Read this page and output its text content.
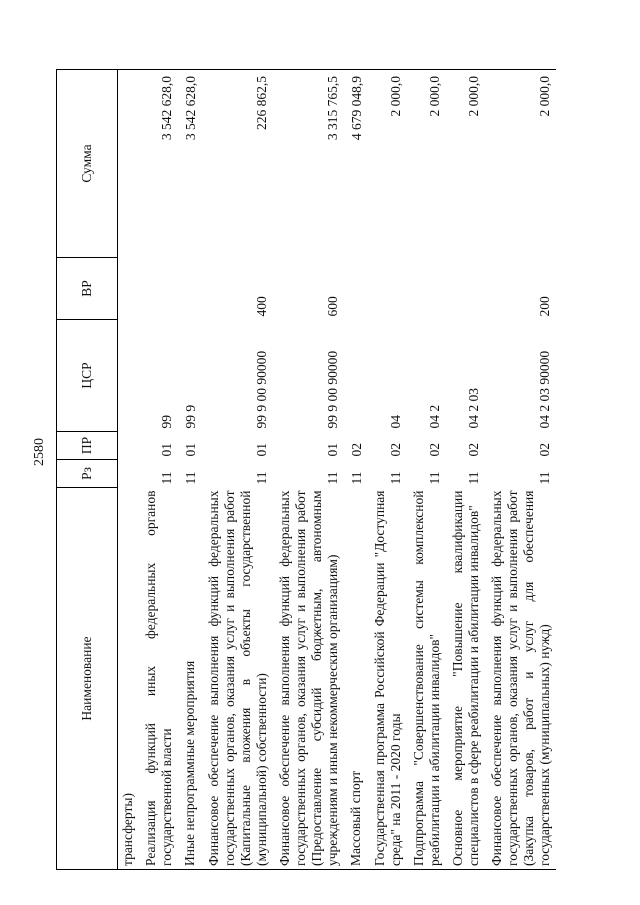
2580
Наименование	Рз	ПР	ЦСР	ВР	Сумма
трансферты)					
Реализация функций иных федеральных органов государственной власти	11	01	99		3 542 628,0
Иные непрограммные мероприятия	11	01	99 9		3 542 628,0
Финансовое обеспечение выполнения функций федеральных государственных органов, оказания услуг и выполнения работ (Капитальные вложения в объекты государственной (муниципальной) собственности)	11	01	99 9 00 90000	400	226 862,5
Финансовое обеспечение выполнения функций федеральных государственных органов, оказания услуг и выполнения работ (Предоставление субсидий бюджетным, автономным учреждениям и иным некоммерческим организациям)	11	01	99 9 00 90000	600	3 315 765,5
Массовый спорт	11	02			4 679 048,9
Государственная программа Российской Федерации "Доступная среда" на 2011 - 2020 годы	11	02	04		2 000,0
Подпрограмма "Совершенствование системы комплексной реабилитации и абилитации инвалидов"	11	02	04 2		2 000,0
Основное мероприятие "Повышение квалификации специалистов в сфере реабилитации и абилитации инвалидов"	11	02	04 2 03		2 000,0
Финансовое обеспечение выполнения функций федеральных государственных органов, оказания услуг и выполнения работ (Закупка товаров, работ и услуг для обеспечения государственных (муниципальных) нужд)	11	02	04 2 03 90000	200	2 000,0
